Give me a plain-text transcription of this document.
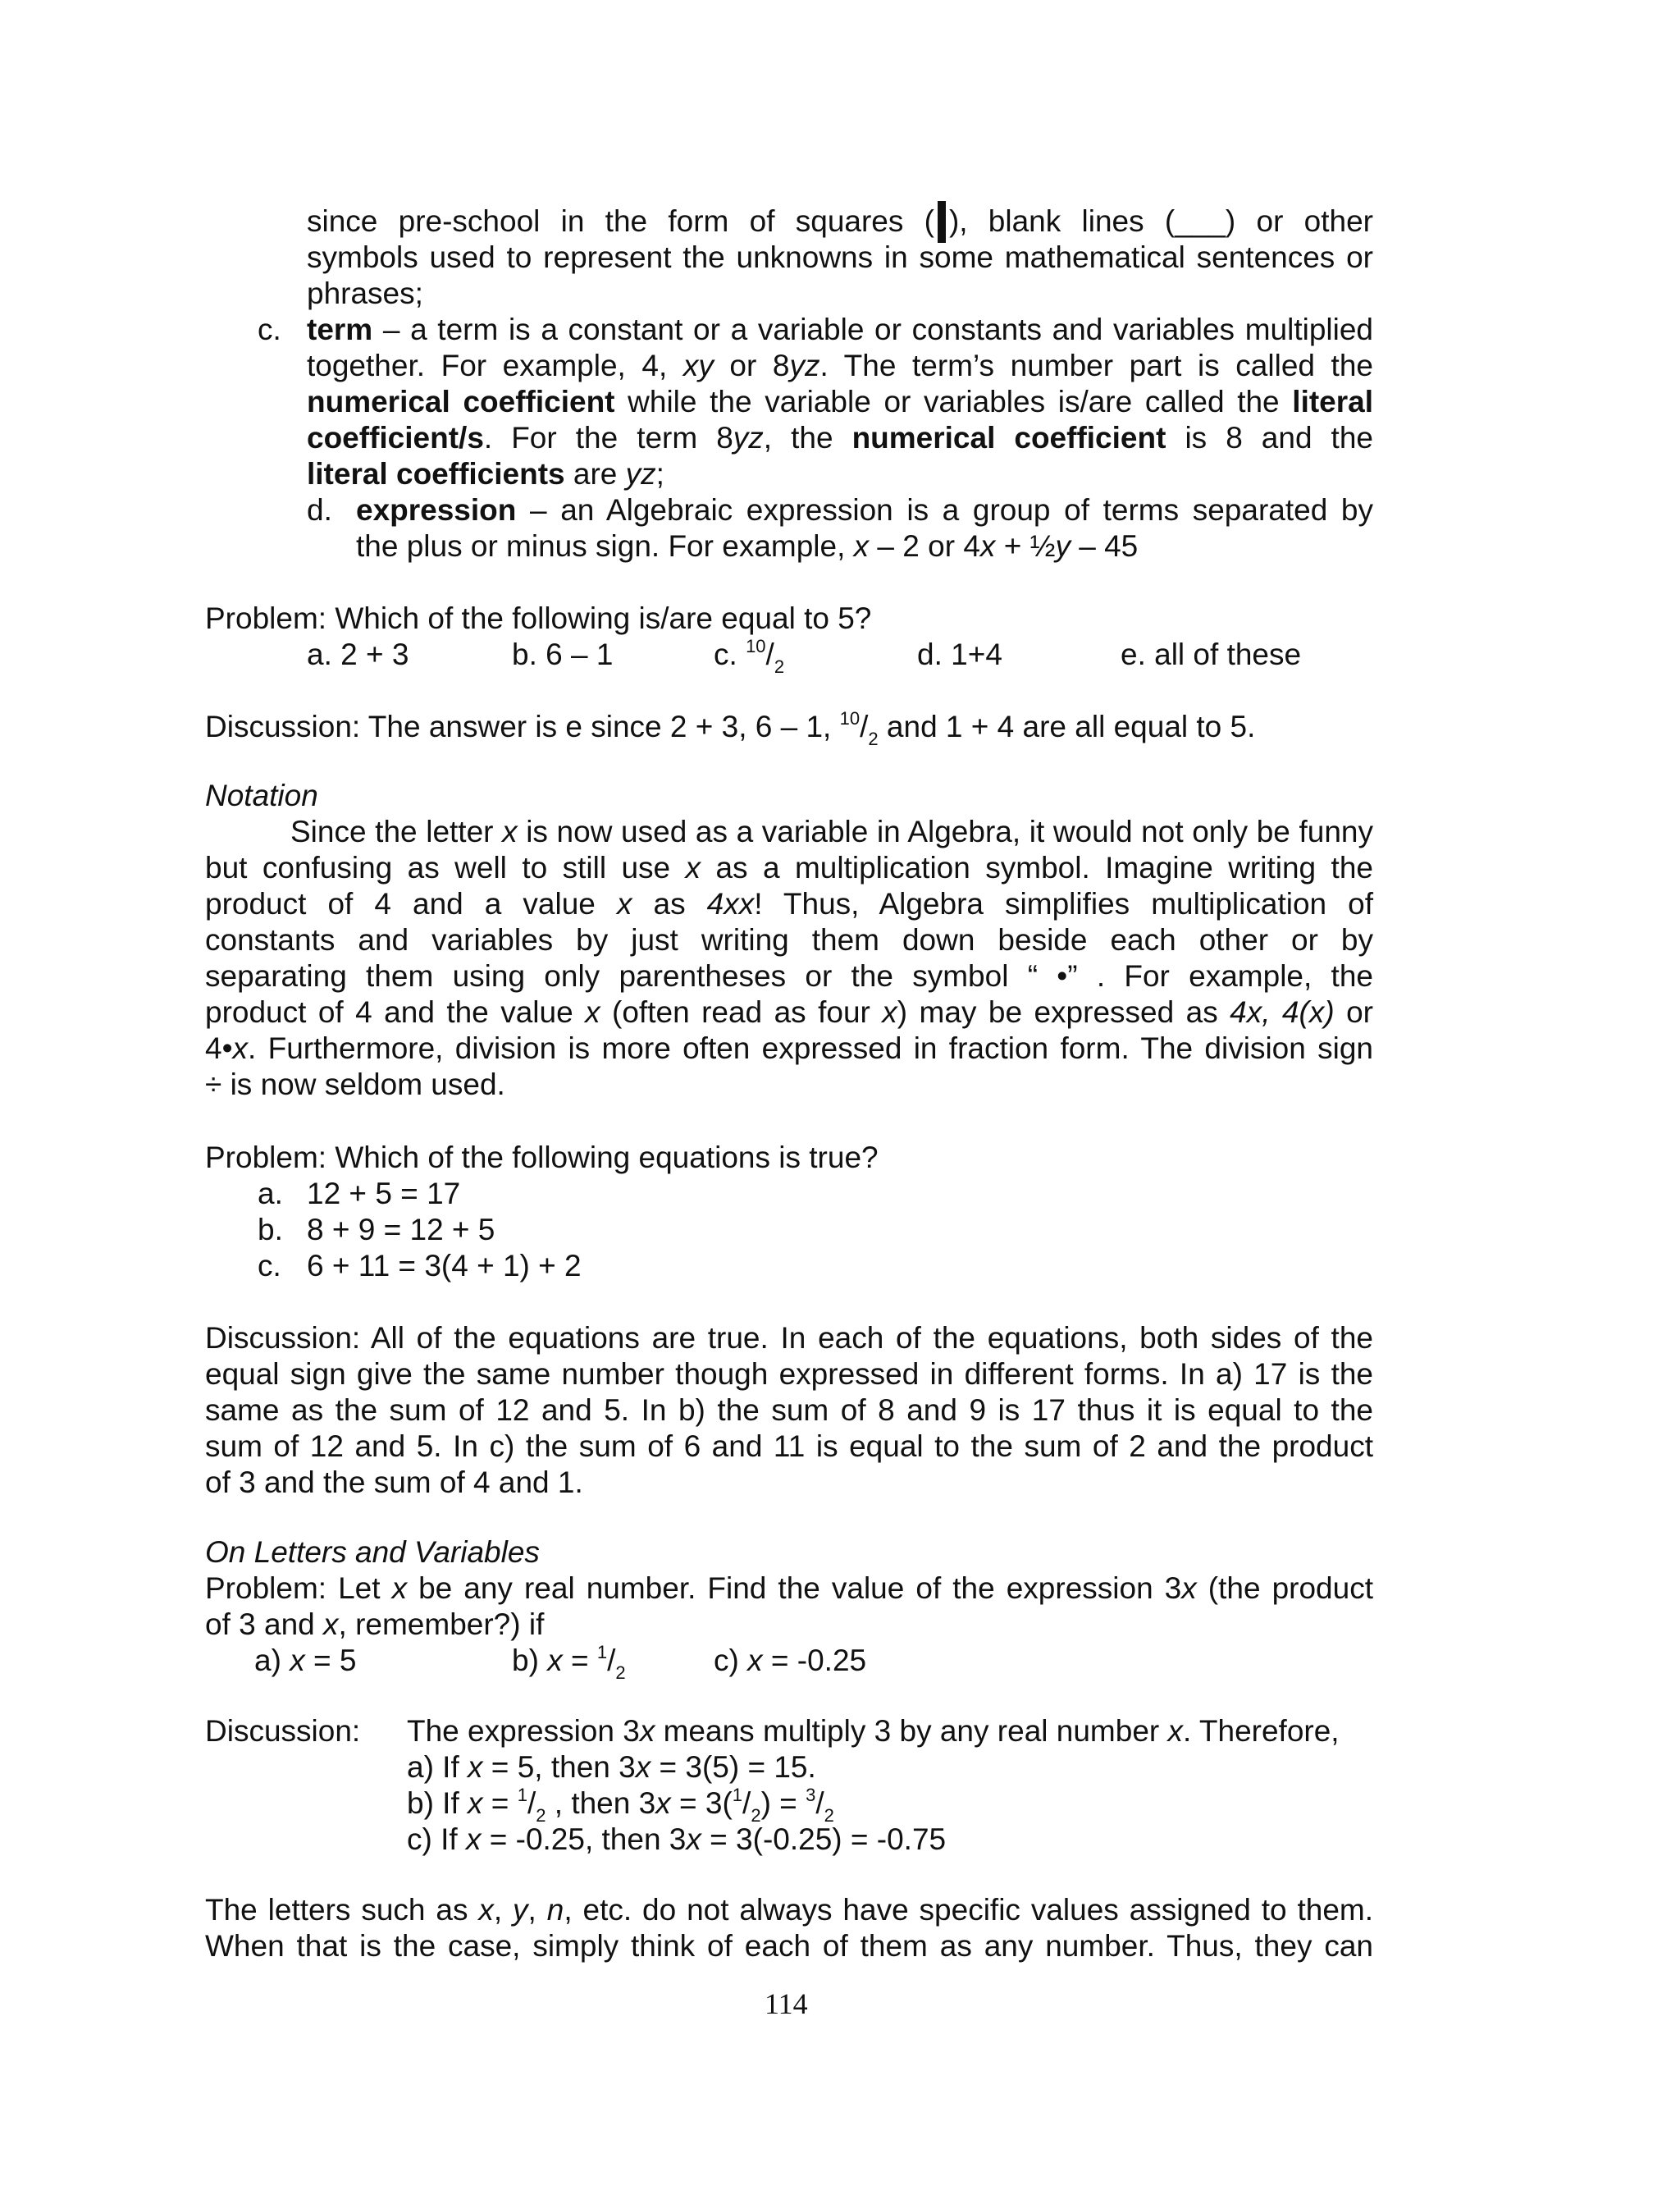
since pre-school in the form of squares ( ), blank lines (___) or other
symbols used to represent the unknowns in some mathematical sentences or
phrases;
c. term – a term is a constant or a variable or constants and variables multiplied
together. For example, 4, xy or 8yz. The term’s number part is called the
numerical coefficient while the variable or variables is/are called the literal
coefficient/s. For the term 8yz, the numerical coefficient is 8 and the
literal coefficients are yz;
d. expression – an Algebraic expression is a group of terms separated by
the plus or minus sign. For example, x – 2 or 4x + ½y – 45
Problem: Which of the following is/are equal to 5?
a. 2 + 3	b. 6 – 1	c. $^{10}/_2$	d. 1+4	e. all of these
Discussion: The answer is e since 2 + 3, 6 – 1, $^{10}/_2$ and 1 + 4 are all equal to 5.
Notation
Since the letter x is now used as a variable in Algebra, it would not only be funny
but confusing as well to still use x as a multiplication symbol. Imagine writing the
product of 4 and a value x as 4xx! Thus, Algebra simplifies multiplication of
constants and variables by just writing them down beside each other or by
separating them using only parentheses or the symbol “ •” . For example, the
product of 4 and the value x (often read as four x) may be expressed as 4x, 4(x) or
4•x. Furthermore, division is more often expressed in fraction form. The division sign
÷ is now seldom used.
Problem: Which of the following equations is true?
a. 12 + 5 = 17
b. 8 + 9 = 12 + 5
c. 6 + 11 = 3(4 + 1) + 2
Discussion: All of the equations are true. In each of the equations, both sides of the
equal sign give the same number though expressed in different forms. In a) 17 is the
same as the sum of 12 and 5. In b) the sum of 8 and 9 is 17 thus it is equal to the
sum of 12 and 5. In c) the sum of 6 and 11 is equal to the sum of 2 and the product
of 3 and the sum of 4 and 1.
On Letters and Variables
Problem: Let x be any real number. Find the value of the expression 3x (the product
of 3 and x, remember?) if
a) x = 5	b) $x = ^1/_2$	c) x = -0.25
Discussion: The expression 3x means multiply 3 by any real number x. Therefore,
a) If x = 5, then 3x = 3(5) = 15.
b) If $x = ^1/_2$ , then $3x = 3(^1/_2) = ^3/_2$
c) If x = -0.25, then 3x = 3(-0.25) = -0.75
The letters such as x, y, n, etc. do not always have specific values assigned to them.
When that is the case, simply think of each of them as any number. Thus, they can
114
